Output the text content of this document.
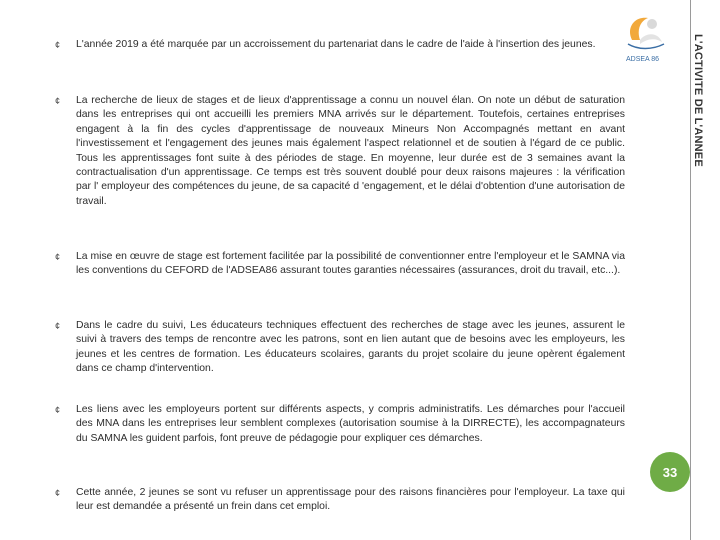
L'ACTIVITE DE L'ANNEE
ADSEA 86
¢ L'année 2019 a été marquée par un accroissement du partenariat dans le cadre de l'aide à l'insertion des jeunes.

¢ La recherche de lieux de stages et de lieux d'apprentissage a connu un nouvel élan. On note un début de saturation dans les entreprises qui ont accueilli les premiers MNA arrivés sur le département. Toutefois, certaines entreprises engagent à la fin des cycles d'apprentissage de nouveaux Mineurs Non Accompagnés mettant en avant l'investissement et l'engagement des jeunes mais également l'aspect relationnel et de soutien à l'égard de ce public. Tous les apprentissages font suite à des périodes de stage. En moyenne, leur durée est de 3 semaines avant la contractualisation d'un apprentissage. Ce temps est très souvent doublé pour deux raisons majeures : la vérification par l' employeur des compétences du jeune, de sa capacité d 'engagement, et le délai d'obtention d'une autorisation de travail.

¢ La mise en œuvre de stage est fortement facilitée par la possibilité de conventionner entre l'employeur et le SAMNA via les conventions du CEFORD de l'ADSEA86 assurant toutes garanties nécessaires (assurances, droit du travail, etc...).

¢ Dans le cadre du suivi, Les éducateurs techniques effectuent des recherches de stage avec les jeunes, assurent le suivi à travers des temps de rencontre avec les patrons, sont en lien autant que de besoins avec les employeurs, les jeunes et les centres de formation. Les éducateurs scolaires, garants du projet scolaire du jeune opèrent également dans ce champ d'intervention.

¢ Les liens avec les employeurs portent sur différents aspects, y compris administratifs. Les démarches pour l'accueil des MNA dans les entreprises leur semblent complexes (autorisation soumise à la DIRRECTE), les accompagnateurs du SAMNA les guident parfois, font preuve de pédagogie pour expliquer ces démarches.

33
¢ Cette année, 2 jeunes se sont vu refuser un apprentissage pour des raisons financières pour l'employeur. La taxe qui leur est demandée a présenté un frein dans cet emploi.
